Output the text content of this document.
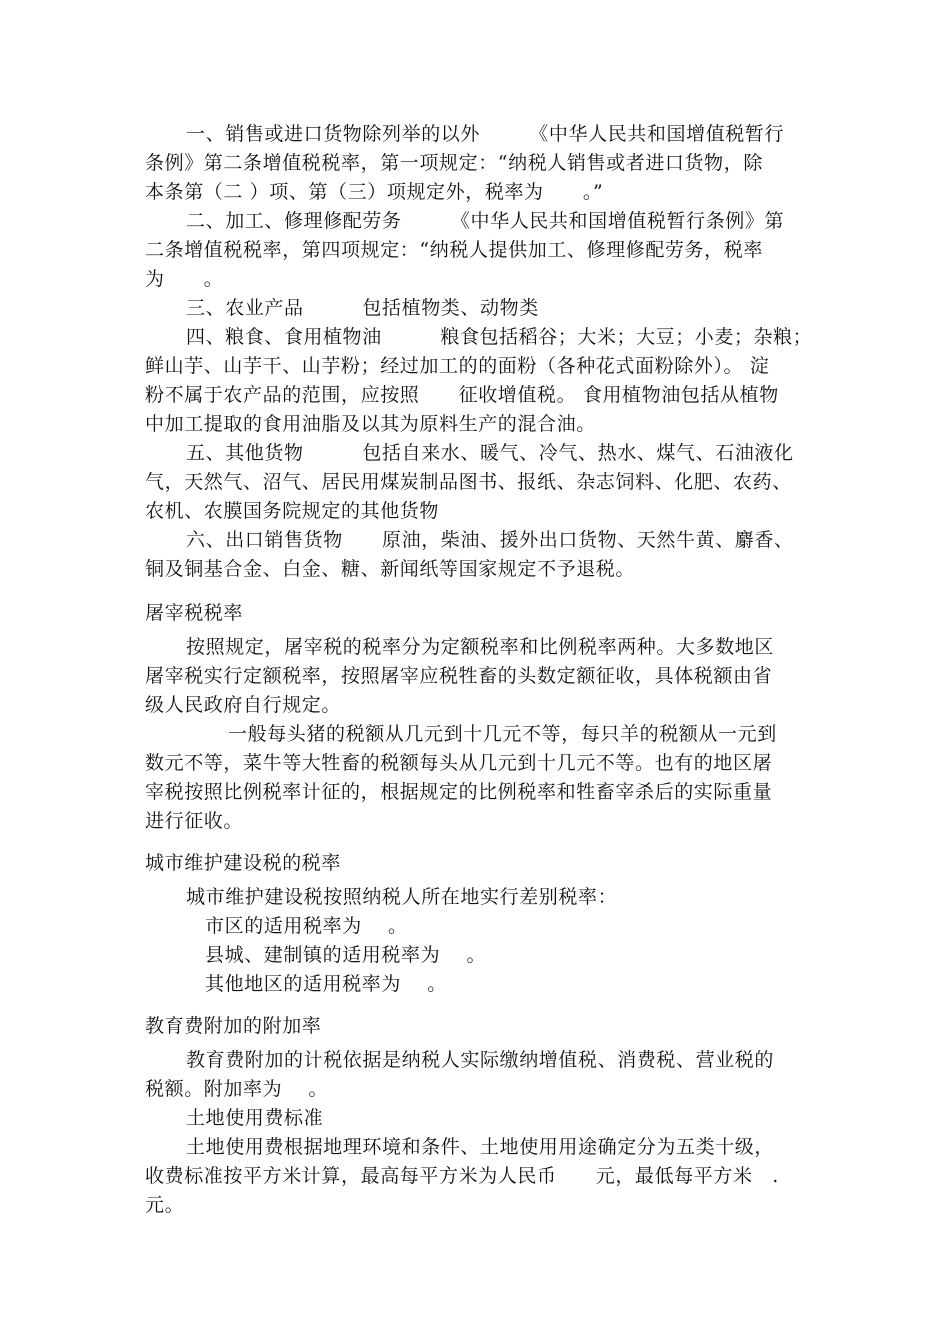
一、销售或进口货物除列举的以外　　　《中华人民共和国增值税暂行
条例》第二条增值税税率，第一项规定：“纳税人销售或者进口货物，除
本条第（二 ）项、第（三）项规定外，税率为　　。”
二、加工、修理修配劳务　　　《中华人民共和国增值税暂行条例》第
二条增值税税率，第四项规定：“纳税人提供加工、修理修配劳务，税率
为　　。
三、农业产品　　　包括植物类、动物类
四、粮食、食用植物油　　　粮食包括稻谷；大米；大豆；小麦；杂粮；
鲜山芋、山芋干、山芋粉；经过加工的的面粉（各种花式面粉除外）。 淀
粉不属于农产品的范围，应按照　　征收增值税。 食用植物油包括从植物
中加工提取的食用油脂及以其为原料生产的混合油。
五、其他货物　　　包括自来水、暖气、冷气、热水、煤气、石油液化
气，天然气、沼气、居民用煤炭制品图书、报纸、杂志饲料、化肥、农药、
农机、农膜国务院规定的其他货物
六、出口销售货物　　原油，柴油、援外出口货物、天然牛黄、麝香、
铜及铜基合金、白金、糖、新闻纸等国家规定不予退税。
屠宰税税率
按照规定，屠宰税的税率分为定额税率和比例税率两种。大多数地区
屠宰税实行定额税率，按照屠宰应税牲畜的头数定额征收，具体税额由省
级人民政府自行规定。
一般每头猪的税额从几元到十几元不等，每只羊的税额从一元到
数元不等，菜牛等大牲畜的税额每头从几元到十几元不等。也有的地区屠
宰税按照比例税率计征的，根据规定的比例税率和牲畜宰杀后的实际重量
进行征收。
城市维护建设税的税率
城市维护建设税按照纳税人所在地实行差别税率：
市区的适用税率为　 。
县城、建制镇的适用税率为　 。
其他地区的适用税率为　 。
教育费附加的附加率
教育费附加的计税依据是纳税人实际缴纳增值税、消费税、营业税的
税额。附加率为　 。
土地使用费标准
土地使用费根据地理环境和条件、土地使用用途确定分为五类十级，
收费标准按平方米计算，最高每平方米为人民币　　元，最低每平方米　.
元。
